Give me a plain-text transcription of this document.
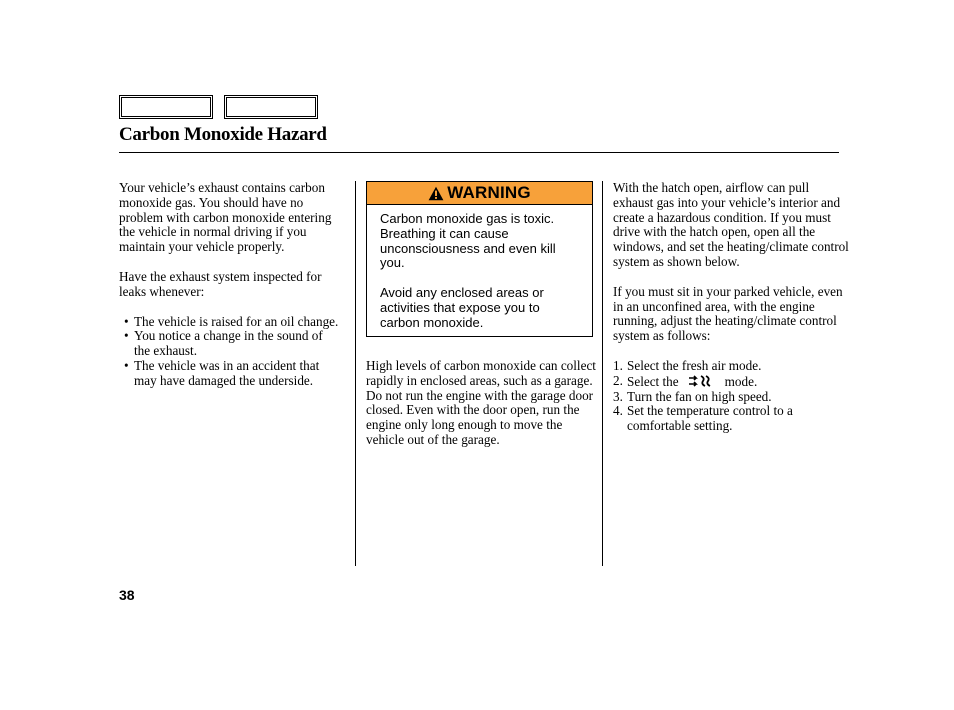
Carbon Monoxide Hazard

Your vehicle’s exhaust contains carbon monoxide gas. You should have no problem with carbon monoxide entering the vehicle in normal driving if you maintain your vehicle properly.

Have the exhaust system inspected for leaks whenever:

• The vehicle is raised for an oil change.
• You notice a change in the sound of the exhaust.
• The vehicle was in an accident that may have damaged the underside.
WARNING

Carbon monoxide gas is toxic. Breathing it can cause unconsciousness and even kill you.

Avoid any enclosed areas or activities that expose you to carbon monoxide.

High levels of carbon monoxide can collect rapidly in enclosed areas, such as a garage. Do not run the engine with the garage door closed. Even with the door open, run the engine only long enough to move the vehicle out of the garage.

With the hatch open, airflow can pull exhaust gas into your vehicle’s interior and create a hazardous condition. If you must drive with the hatch open, open all the windows, and set the heating/climate control system as shown below.

If you must sit in your parked vehicle, even in an unconfined area, with the engine running, adjust the heating/climate control system as follows:

1. Select the fresh air mode.
2. Select the	mode.
3. Turn the fan on high speed.
4. Set the temperature control to a comfortable setting.
38
